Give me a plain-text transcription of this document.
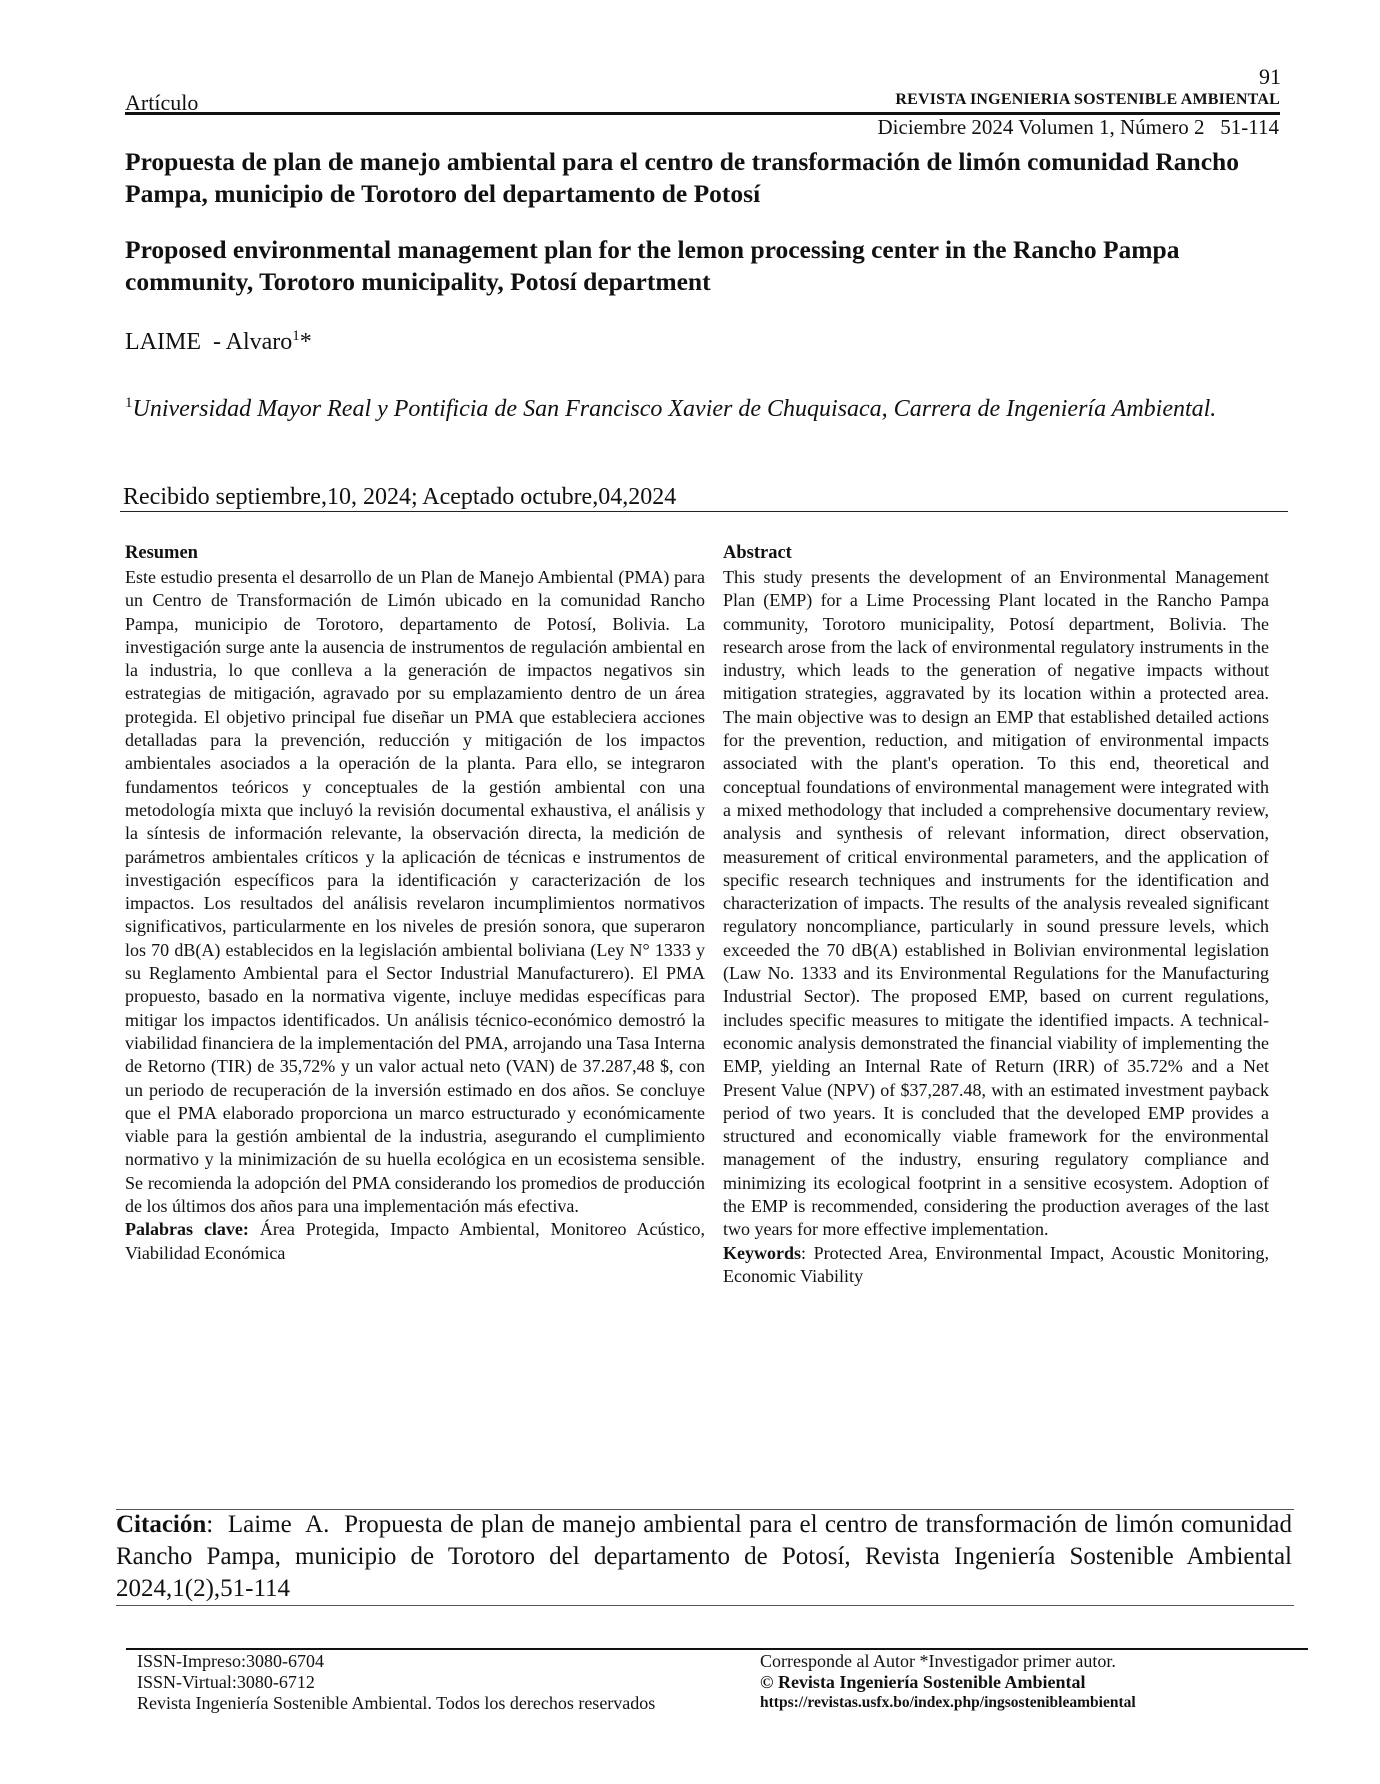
91
Artículo	REVISTA INGENIERIA SOSTENIBLE AMBIENTAL
Diciembre 2024 Volumen 1, Número 2   51-114
Propuesta de plan de manejo ambiental para el centro de transformación de limón comunidad Rancho Pampa, municipio de Torotoro del departamento de Potosí
Proposed environmental management plan for the lemon processing center in the Rancho Pampa community, Torotoro municipality, Potosí department
LAIME  - Alvaro$^1$*
$^1$Universidad Mayor Real y Pontificia de San Francisco Xavier de Chuquisaca, Carrera de Ingeniería Ambiental.
Recibido septiembre,10, 2024; Aceptado octubre,04,2024
Resumen

Este estudio presenta el desarrollo de un Plan de Manejo Ambiental (PMA) para un Centro de Transformación de Limón ubicado en la comunidad Rancho Pampa, municipio de Torotoro, departamento de Potosí, Bolivia. La investigación surge ante la ausencia de instrumentos de regulación ambiental en la industria, lo que conlleva a la generación de impactos negativos sin estrategias de mitigación, agravado por su emplazamiento dentro de un área protegida. El objetivo principal fue diseñar un PMA que estableciera acciones detalladas para la prevención, reducción y mitigación de los impactos ambientales asociados a la operación de la planta. Para ello, se integraron fundamentos teóricos y conceptuales de la gestión ambiental con una metodología mixta que incluyó la revisión documental exhaustiva, el análisis y la síntesis de información relevante, la observación directa, la medición de parámetros ambientales críticos y la aplicación de técnicas e instrumentos de investigación específicos para la identificación y caracterización de los impactos. Los resultados del análisis revelaron incumplimientos normativos significativos, particularmente en los niveles de presión sonora, que superaron los 70 dB(A) establecidos en la legislación ambiental boliviana (Ley N° 1333 y su Reglamento Ambiental para el Sector Industrial Manufacturero). El PMA propuesto, basado en la normativa vigente, incluye medidas específicas para mitigar los impactos identificados. Un análisis técnico-económico demostró la viabilidad financiera de la implementación del PMA, arrojando una Tasa Interna de Retorno (TIR) de 35,72% y un valor actual neto (VAN) de 37.287,48 $, con un periodo de recuperación de la inversión estimado en dos años. Se concluye que el PMA elaborado proporciona un marco estructurado y económicamente viable para la gestión ambiental de la industria, asegurando el cumplimiento normativo y la minimización de su huella ecológica en un ecosistema sensible. Se recomienda la adopción del PMA considerando los promedios de producción de los últimos dos años para una implementación más efectiva.

Palabras clave: Área Protegida, Impacto Ambiental, Monitoreo Acústico, Viabilidad Económica

Abstract

This study presents the development of an Environmental Management Plan (EMP) for a Lime Processing Plant located in the Rancho Pampa community, Torotoro municipality, Potosí department, Bolivia. The research arose from the lack of environmental regulatory instruments in the industry, which leads to the generation of negative impacts without mitigation strategies, aggravated by its location within a protected area. The main objective was to design an EMP that established detailed actions for the prevention, reduction, and mitigation of environmental impacts associated with the plant's operation. To this end, theoretical and conceptual foundations of environmental management were integrated with a mixed methodology that included a comprehensive documentary review, analysis and synthesis of relevant information, direct observation, measurement of critical environmental parameters, and the application of specific research techniques and instruments for the identification and characterization of impacts. The results of the analysis revealed significant regulatory noncompliance, particularly in sound pressure levels, which exceeded the 70 dB(A) established in Bolivian environmental legislation (Law No. 1333 and its Environmental Regulations for the Manufacturing Industrial Sector). The proposed EMP, based on current regulations, includes specific measures to mitigate the identified impacts. A technical-economic analysis demonstrated the financial viability of implementing the EMP, yielding an Internal Rate of Return (IRR) of 35.72% and a Net Present Value (NPV) of $37,287.48, with an estimated investment payback period of two years. It is concluded that the developed EMP provides a structured and economically viable framework for the environmental management of the industry, ensuring regulatory compliance and minimizing its ecological footprint in a sensitive ecosystem. Adoption of the EMP is recommended, considering the production averages of the last two years for more effective implementation.

Keywords: Protected Area, Environmental Impact, Acoustic Monitoring, Economic Viability

Citación:  Laime  A.  Propuesta de plan de manejo ambiental para el centro de transformación de limón comunidad Rancho Pampa, municipio de Torotoro del departamento de Potosí, Revista Ingeniería Sostenible Ambiental 2024,1(2),51-114
ISSN-Impreso:3080-6704
ISSN-Virtual:3080-6712
Revista Ingeniería Sostenible Ambiental. Todos los derechos reservados
Corresponde al Autor *Investigador primer autor.
© Revista Ingeniería Sostenible Ambiental
https://revistas.usfx.bo/index.php/ingsostenibleambiental
